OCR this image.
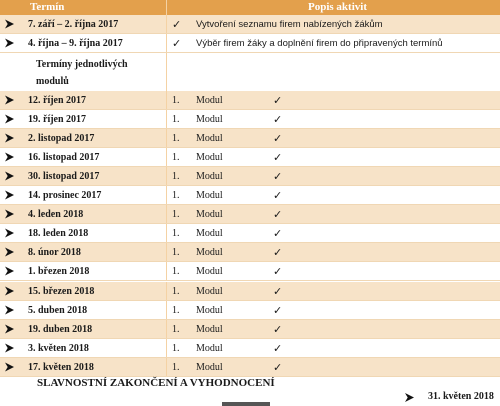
Termín	Popis aktivit
7. září – 2. října 2017	✓ Vytvoření seznamu firem nabízených žákům
4. října – 9. října 2017	✓ Výběr firem žáky a doplnění firem do připravených termínů
Termíny jednotlivých modulů
12. říjen 2017	1. Modul	✓
19. říjen 2017	1. Modul	✓
2. listopad 2017	1. Modul	✓
16. listopad 2017	1. Modul	✓
30. listopad 2017	1. Modul	✓
14. prosinec 2017	1. Modul	✓
4. leden 2018	1. Modul	✓
18. leden 2018	1. Modul	✓
8. únor 2018	1. Modul	✓
1. březen 2018	1. Modul	✓
15. březen 2018	1. Modul	✓
5. duben 2018	1. Modul	✓
19. duben 2018	1. Modul	✓
3. květen 2018	1. Modul	✓
17. květen 2018	1. Modul	✓
SLAVNOSTNÍ ZAKONČENÍ A VYHODNOCENÍ
31. květen 2018
